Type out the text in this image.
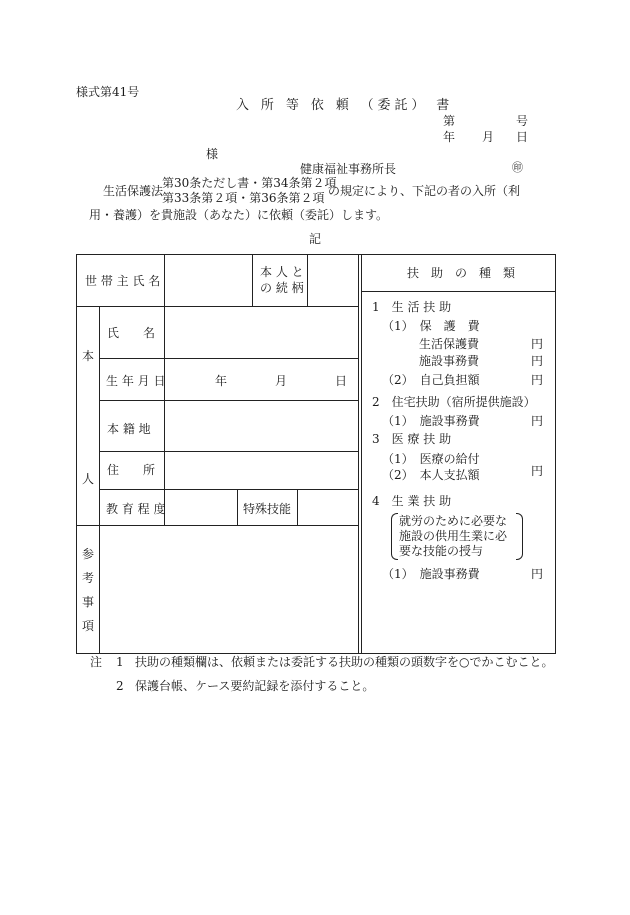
様式第41号
入 所 等 依 頼 （委託） 書
第	号
年 月 日
様
健康福祉事務所長	㊞
生活保護法
第30条ただし書・第34条第２項
第33条第２項・第36条第２項 の規定により、下記の者の入所（利
用・養護）を貴施設（あなた）に依頼（委託）します。
記
世 帯 主 氏 名
本 人 と
の 続 柄
本
人
氏　　名
生 年 月 日	年	月	日
本 籍 地
住　　所
教 育 程 度	特殊技能
参
考
事
項
扶　助　の　種　類
1　生 活 扶 助
（1）　保　護　費
生活保護費	円
施設事務費	円
（2）　自己負担額	円
2　住宅扶助（宿所提供施設）
（1）　施設事務費	円
3　医 療 扶 助
（1）　医療の給付
（2）　本人支払額	円
4　生 業 扶 助
就労のために必要な
施設の供用生業に必
要な技能の授与
（1）　施設事務費	円
注 1 扶助の種類欄は、依頼または委託する扶助の種類の頭数字を○でかこむこと。
2 保護台帳、ケース要約記録を添付すること。
